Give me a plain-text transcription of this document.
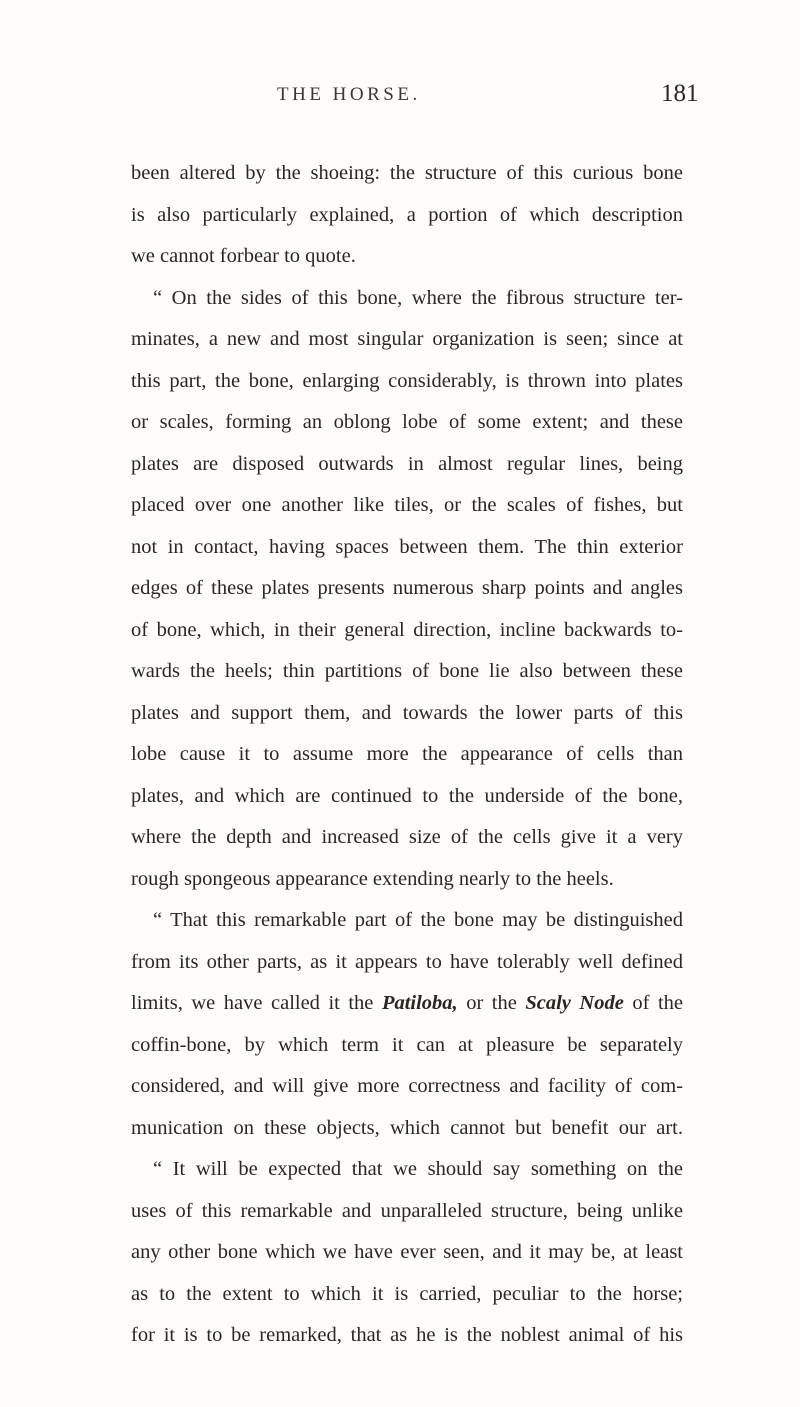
THE HORSE.	181
been altered by the shoeing: the structure of this curious bone
is also particularly explained, a portion of which description
we cannot forbear to quote.
“ On the sides of this bone, where the fibrous structure ter-
minates, a new and most singular organization is seen; since at
this part, the bone, enlarging considerably, is thrown into plates
or scales, forming an oblong lobe of some extent; and these
plates are disposed outwards in almost regular lines, being
placed over one another like tiles, or the scales of fishes, but
not in contact, having spaces between them. The thin exterior
edges of these plates presents numerous sharp points and angles
of bone, which, in their general direction, incline backwards to-
wards the heels; thin partitions of bone lie also between these
plates and support them, and towards the lower parts of this
lobe cause it to assume more the appearance of cells than
plates, and which are continued to the underside of the bone,
where the depth and increased size of the cells give it a very
rough spongeous appearance extending nearly to the heels.
“ That this remarkable part of the bone may be distinguished
from its other parts, as it appears to have tolerably well defined
limits, we have called it the Patiloba, or the Scaly Node of the
coffin-bone, by which term it can at pleasure be separately
considered, and will give more correctness and facility of com-
munication on these objects, which cannot but benefit our art.
“ It will be expected that we should say something on the
uses of this remarkable and unparalleled structure, being unlike
any other bone which we have ever seen, and it may be, at least
as to the extent to which it is carried, peculiar to the horse;
for it is to be remarked, that as he is the noblest animal of his
